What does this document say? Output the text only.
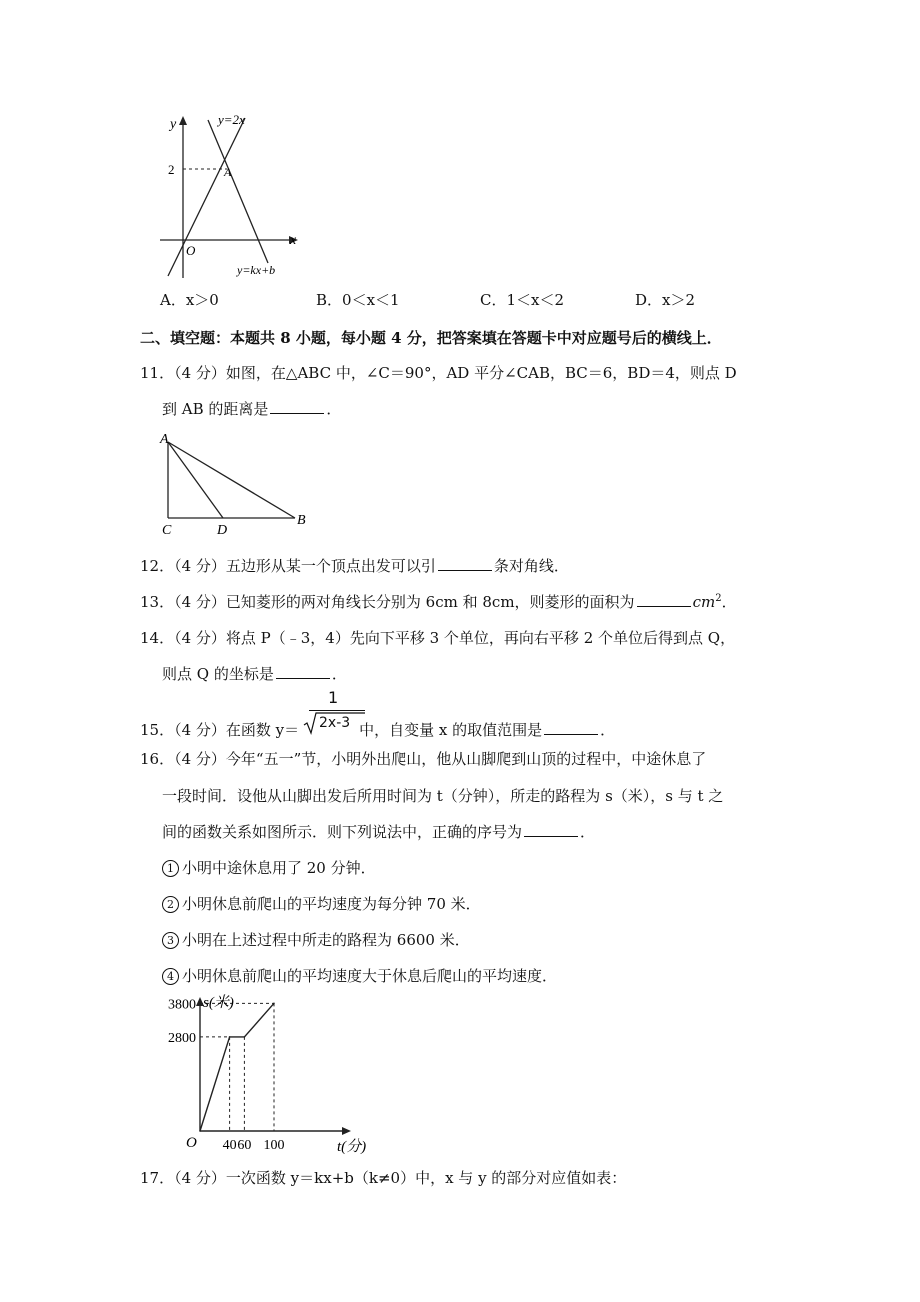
y	y=2x
2	A
x
O
y=kx+b
A．x＞0	B．0＜x＜1	C．1＜x＜2	D．x＞2
二、填空题：本题共 8 小题，每小题 4 分，把答案填在答题卡中对应题号后的横线上．
11．（4 分）如图，在△ABC 中，∠C＝90°，AD 平分∠CAB，BC＝6，BD＝4，则点 D
到 AB 的距离是	．
A
C	D
B
12．（4 分）五边形从某一个顶点出发可以引	条对角线．
13．（4 分）已知菱形的两对角线长分别为 6cm 和 8cm，则菱形的面积为	$cm^2$．
14．（4 分）将点 P（﹣3，4）先向下平移 3 个单位，再向右平移 2 个单位后得到点 Q，
则点 Q 的坐标是	．
15．（4 分）在函数 y＝	中，自变量 x 的取值范围是	．
1
2x-3
16．（4 分）今年“五一”节，小明外出爬山，他从山脚爬到山顶的过程中，中途休息了
一段时间．设他从山脚出发后所用时间为 t（分钟），所走的路程为 s（米），s 与 t 之
间的函数关系如图所示．则下列说法中，正确的序号为	．
1 小明中途休息用了 20 分钟．
2 小明休息前爬山的平均速度为每分钟 70 米．
3 小明在上述过程中所走的路程为 6600 米．
4 小明休息前爬山的平均速度大于休息后爬山的平均速度．
40 60 100
2800
3800
O
s(米)
t(分)
17．（4 分）一次函数 y＝kx+b（k≠0）中，x 与 y 的部分对应值如表：
